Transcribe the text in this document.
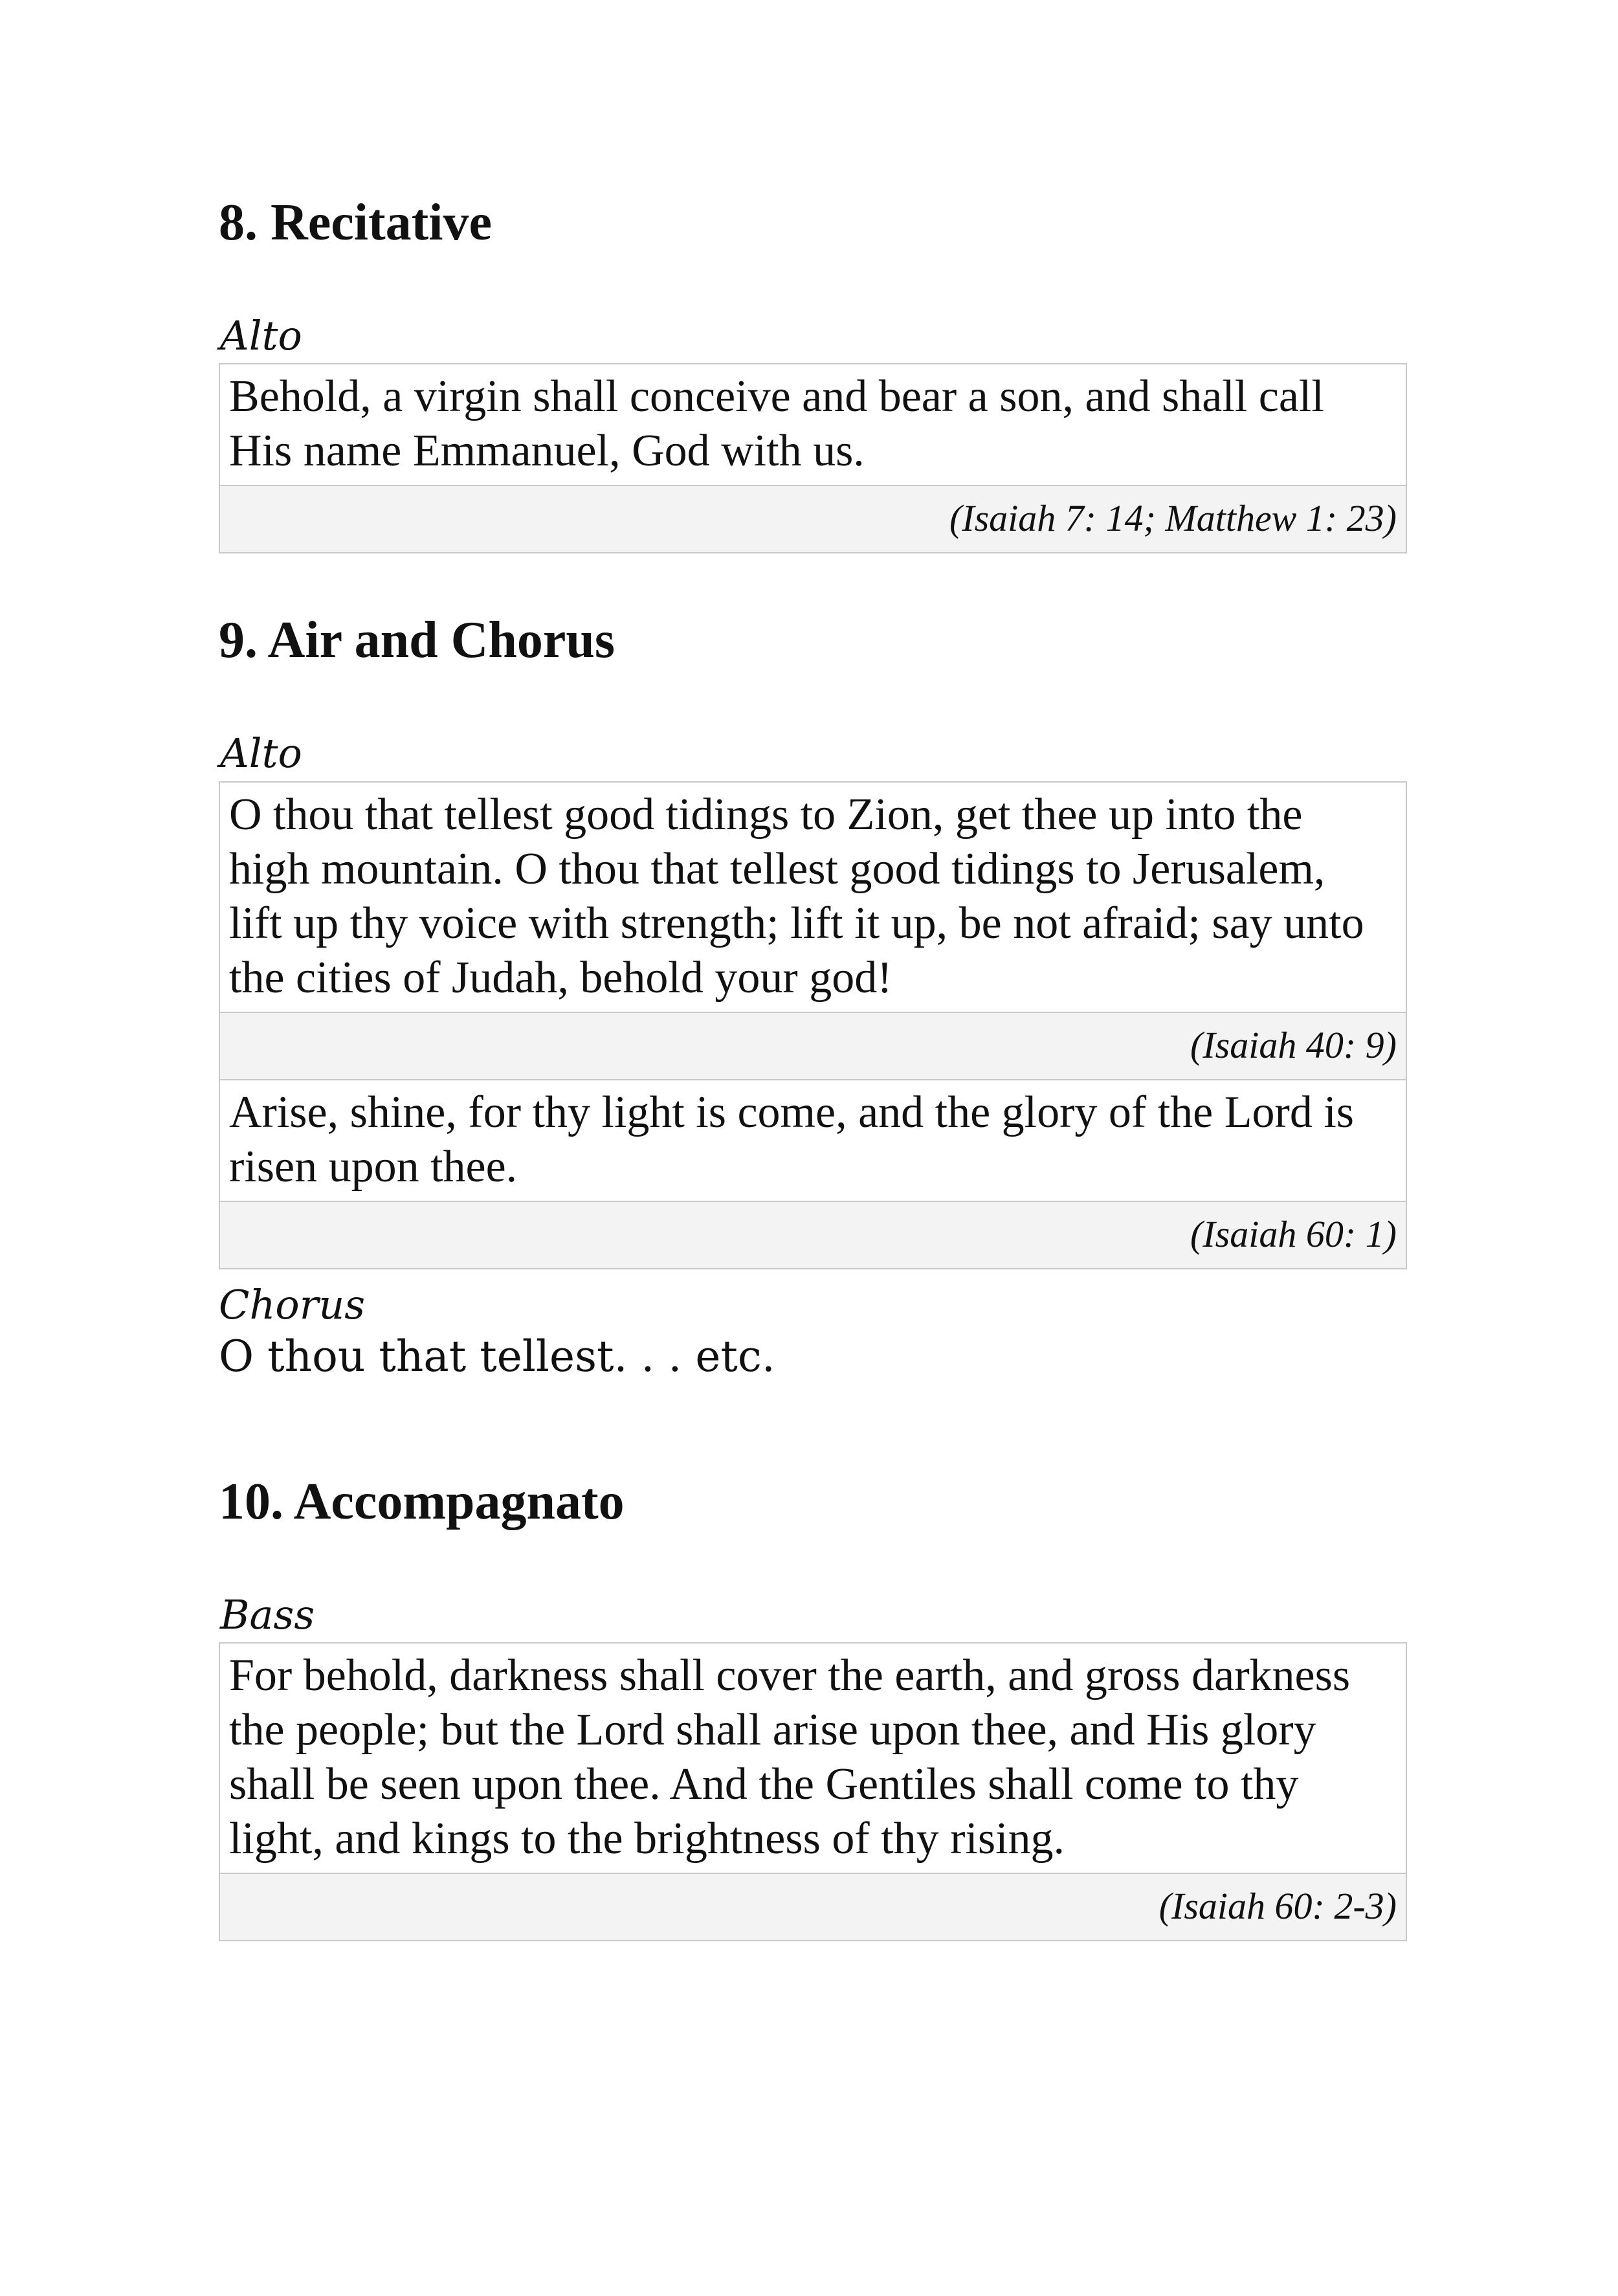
8. Recitative
Alto
Behold, a virgin shall conceive and bear a son, and shall call
His name Emmanuel, God with us.
(Isaiah 7: 14; Matthew 1: 23)
9. Air and Chorus
Alto
O thou that tellest good tidings to Zion, get thee up into the
high mountain. O thou that tellest good tidings to Jerusalem,
lift up thy voice with strength; lift it up, be not afraid; say unto
the cities of Judah, behold your god!
(Isaiah 40: 9)
Arise, shine, for thy light is come, and the glory of the Lord is
risen upon thee.
(Isaiah 60: 1)
Chorus

O thou that tellest. . . etc.

10. Accompagnato
Bass
For behold, darkness shall cover the earth, and gross darkness
the people; but the Lord shall arise upon thee, and His glory
shall be seen upon thee. And the Gentiles shall come to thy
light, and kings to the brightness of thy rising.
(Isaiah 60: 2-3)
